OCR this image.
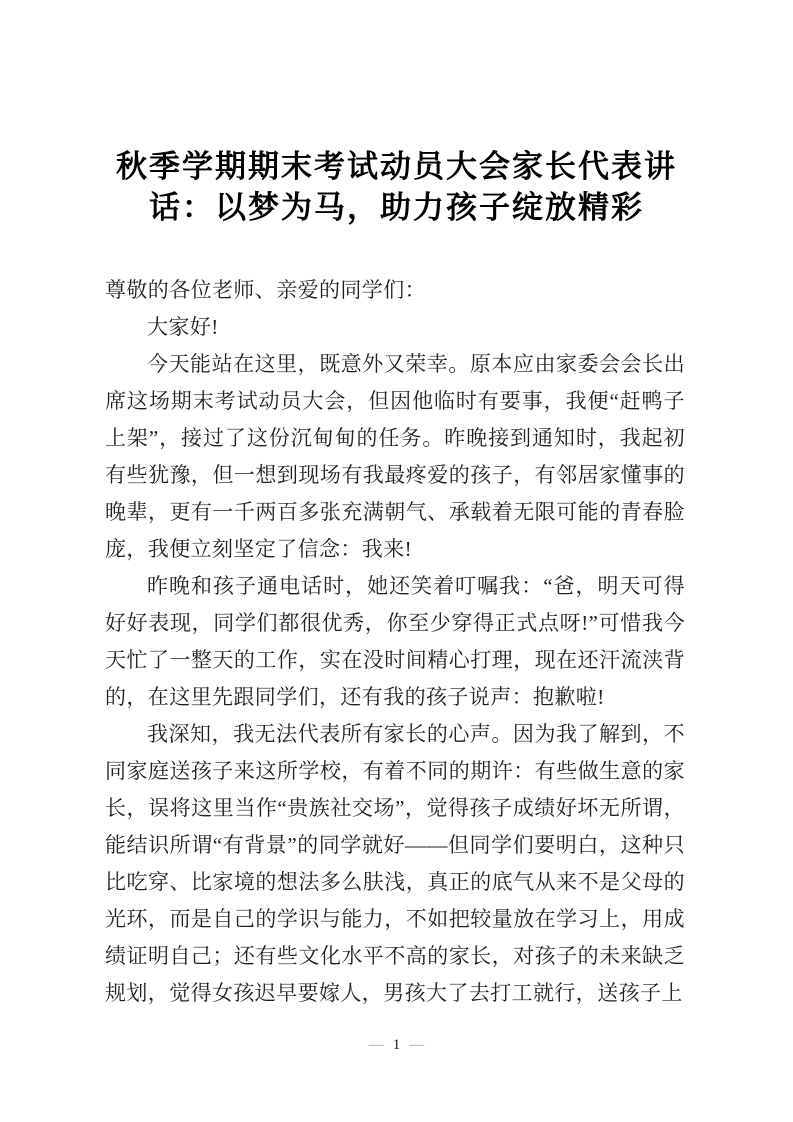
秋季学期期末考试动员大会家长代表讲
话：以梦为马，助力孩子绽放精彩

尊敬的各位老师、亲爱的同学们：

大家好!

今天能站在这里，既意外又荣幸。原本应由家委会会长出席这场期末考试动员大会，但因他临时有要事，我便“赶鸭子上架”，接过了这份沉甸甸的任务。昨晚接到通知时，我起初有些犹豫，但一想到现场有我最疼爱的孩子，有邻居家懂事的晚辈，更有一千两百多张充满朝气、承载着无限可能的青春脸庞，我便立刻坚定了信念：我来!

昨晚和孩子通电话时，她还笑着叮嘱我：“爸，明天可得好好表现，同学们都很优秀，你至少穿得正式点呀!”可惜我今天忙了一整天的工作，实在没时间精心打理，现在还汗流浃背的，在这里先跟同学们，还有我的孩子说声：抱歉啦!

我深知，我无法代表所有家长的心声。因为我了解到，不同家庭送孩子来这所学校，有着不同的期许：有些做生意的家长，误将这里当作“贵族社交场”，觉得孩子成绩好坏无所谓，能结识所谓“有背景”的同学就好——但同学们要明白，这种只比吃穿、比家境的想法多么肤浅，真正的底气从来不是父母的光环，而是自己的学识与能力，不如把较量放在学习上，用成绩证明自己；还有些文化水平不高的家长，对孩子的未来缺乏规划，觉得女孩迟早要嫁人，男孩大了去打工就行，送孩子上

— 1 —
